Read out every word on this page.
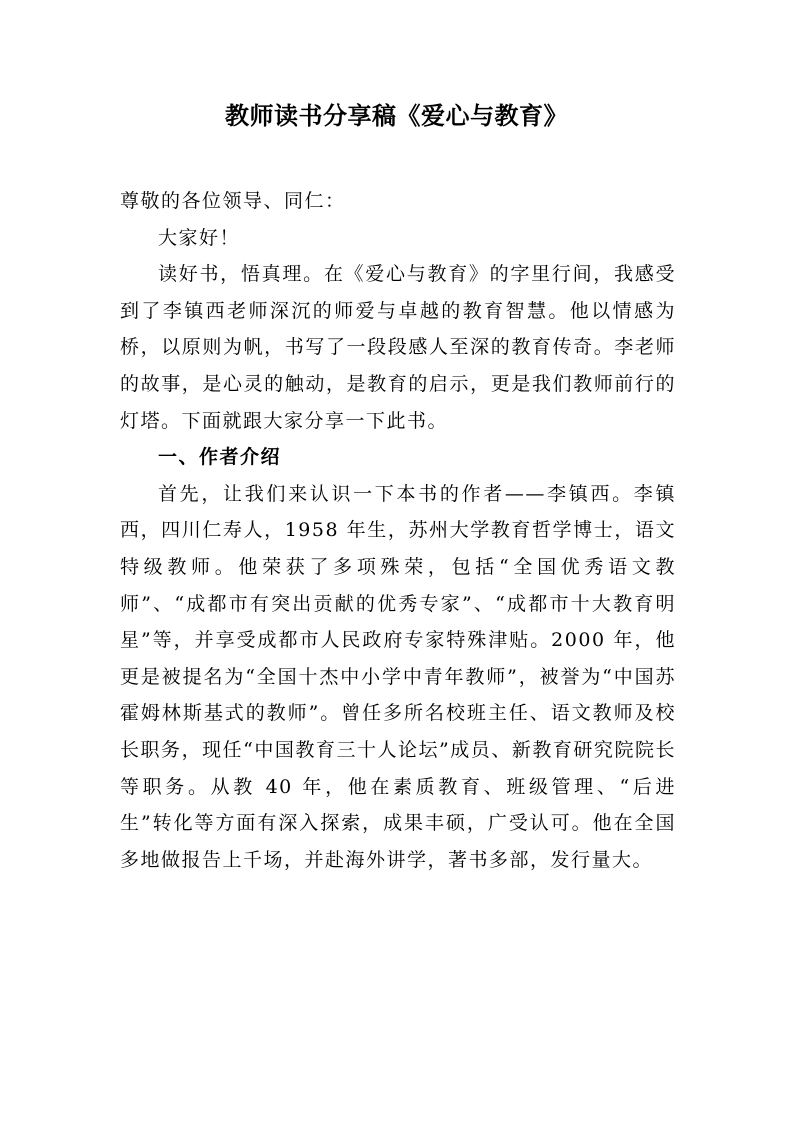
教师读书分享稿《爱心与教育》

尊敬的各位领导、同仁：

大家好！

读好书，悟真理。在《爱心与教育》的字里行间，我感受到了李镇西老师深沉的师爱与卓越的教育智慧。他以情感为桥，以原则为帆，书写了一段段感人至深的教育传奇。李老师的故事，是心灵的触动，是教育的启示，更是我们教师前行的灯塔。下面就跟大家分享一下此书。

一、作者介绍

首先，让我们来认识一下本书的作者——李镇西。李镇西，四川仁寿人，1958 年生，苏州大学教育哲学博士，语文特级教师。他荣获了多项殊荣，包括“全国优秀语文教师”、“成都市有突出贡献的优秀专家”、“成都市十大教育明星”等，并享受成都市人民政府专家特殊津贴。2000 年，他更是被提名为“全国十杰中小学中青年教师”，被誉为“中国苏霍姆林斯基式的教师”。曾任多所名校班主任、语文教师及校长职务，现任“中国教育三十人论坛”成员、新教育研究院院长等职务。从教 40 年，他在素质教育、班级管理、“后进生”转化等方面有深入探索，成果丰硕，广受认可。他在全国多地做报告上千场，并赴海外讲学，著书多部，发行量大。
